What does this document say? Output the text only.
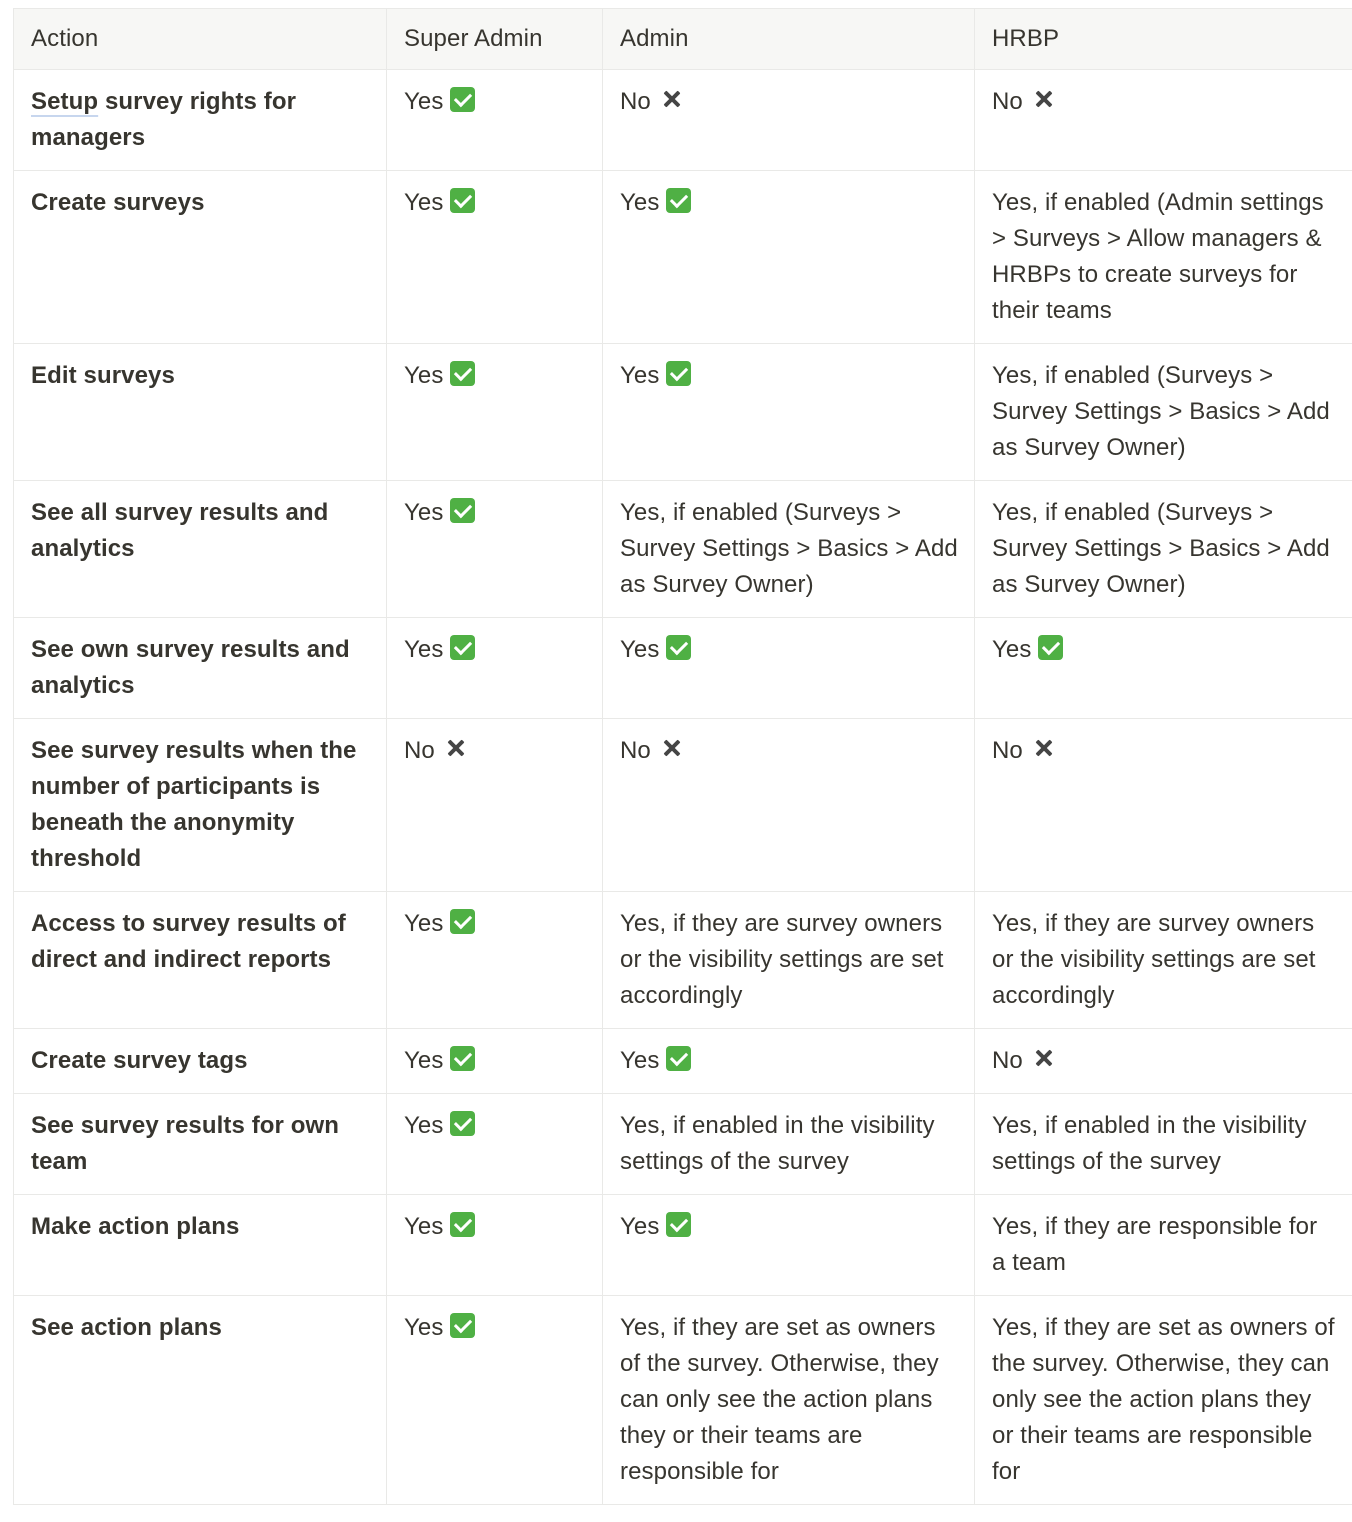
Action	Super Admin	Admin	HRBP
Setup survey rights for managers	Yes	No	No
Create surveys	Yes	Yes	Yes, if enabled (Admin settings > Surveys > Allow managers & HRBPs to create surveys for their teams
Edit surveys	Yes	Yes	Yes, if enabled (Surveys > Survey Settings > Basics > Add as Survey Owner)
See all survey results and analytics	Yes	Yes, if enabled (Surveys > Survey Settings > Basics > Add as Survey Owner)	Yes, if enabled (Surveys > Survey Settings > Basics > Add as Survey Owner)
See own survey results and analytics	Yes	Yes	Yes
See survey results when the number of participants is beneath the anonymity threshold	No	No	No
Access to survey results of direct and indirect reports	Yes	Yes, if they are survey owners or the visibility settings are set accordingly	Yes, if they are survey owners or the visibility settings are set accordingly
Create survey tags	Yes	Yes	No
See survey results for own team	Yes	Yes, if enabled in the visibility settings of the survey	Yes, if enabled in the visibility settings of the survey
Make action plans	Yes	Yes	Yes, if they are responsible for a team
See action plans	Yes	Yes, if they are set as owners of the survey. Otherwise, they can only see the action plans they or their teams are responsible for	Yes, if they are set as owners of the survey. Otherwise, they can only see the action plans they or their teams are responsible for
